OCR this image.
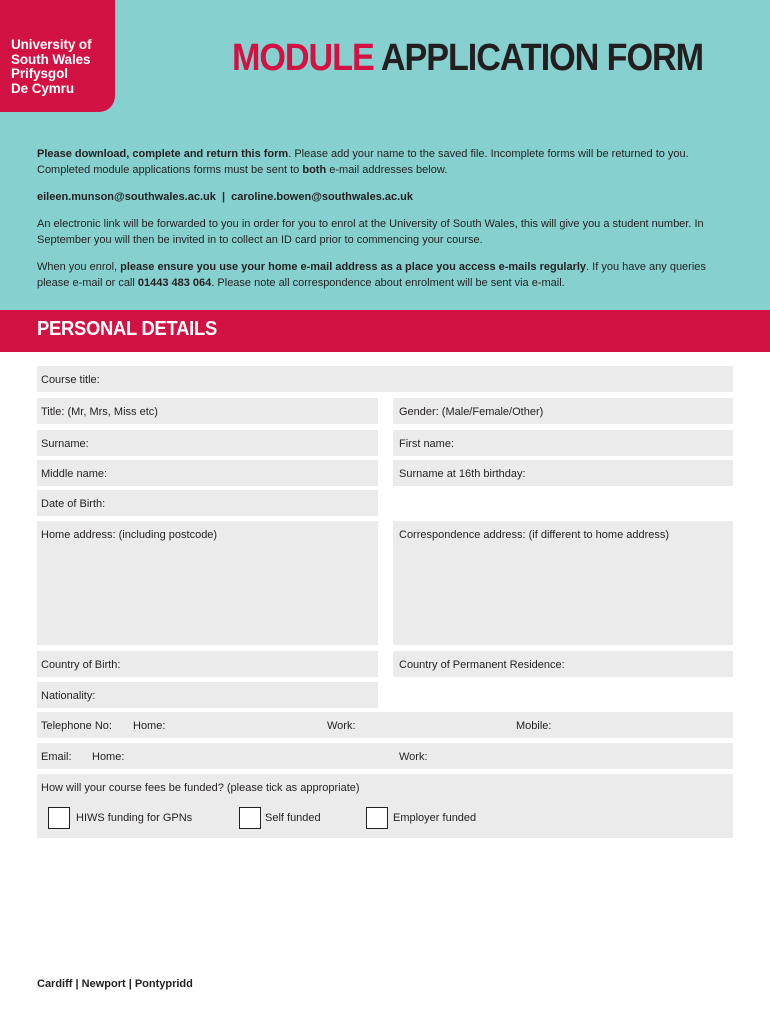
University of
South Wales
Prifysgol
De Cymru
MODULE APPLICATION FORM

Please download, complete and return this form. Please add your name to the saved file. Incomplete forms will be returned to you. Completed module applications forms must be sent to both e-mail addresses below.

eileen.munson@southwales.ac.uk  |  caroline.bowen@southwales.ac.uk

An electronic link will be forwarded to you in order for you to enrol at the University of South Wales, this will give you a student number. In September you will then be invited in to collect an ID card prior to commencing your course.

When you enrol, please ensure you use your home e-mail address as a place you access e-mails regularly. If you have any queries please e-mail or call 01443 483 064. Please note all correspondence about enrolment will be sent via e-mail.

PERSONAL DETAILS
Course title:
Title: (Mr, Mrs, Miss etc)	Gender: (Male/Female/Other)
Surname:	First name:
Middle name:	Surname at 16th birthday:
Date of Birth:
Home address: (including postcode)	Correspondence address: (if different to home address)
Country of Birth:	Country of Permanent Residence:
Nationality:
Telephone No: Home:	Work:	Mobile:
Email: Home:	Work:
How will your course fees be funded? (please tick as appropriate)
HIWS funding for GPNs	Self funded	Employer funded
Cardiff | Newport | Pontypridd
